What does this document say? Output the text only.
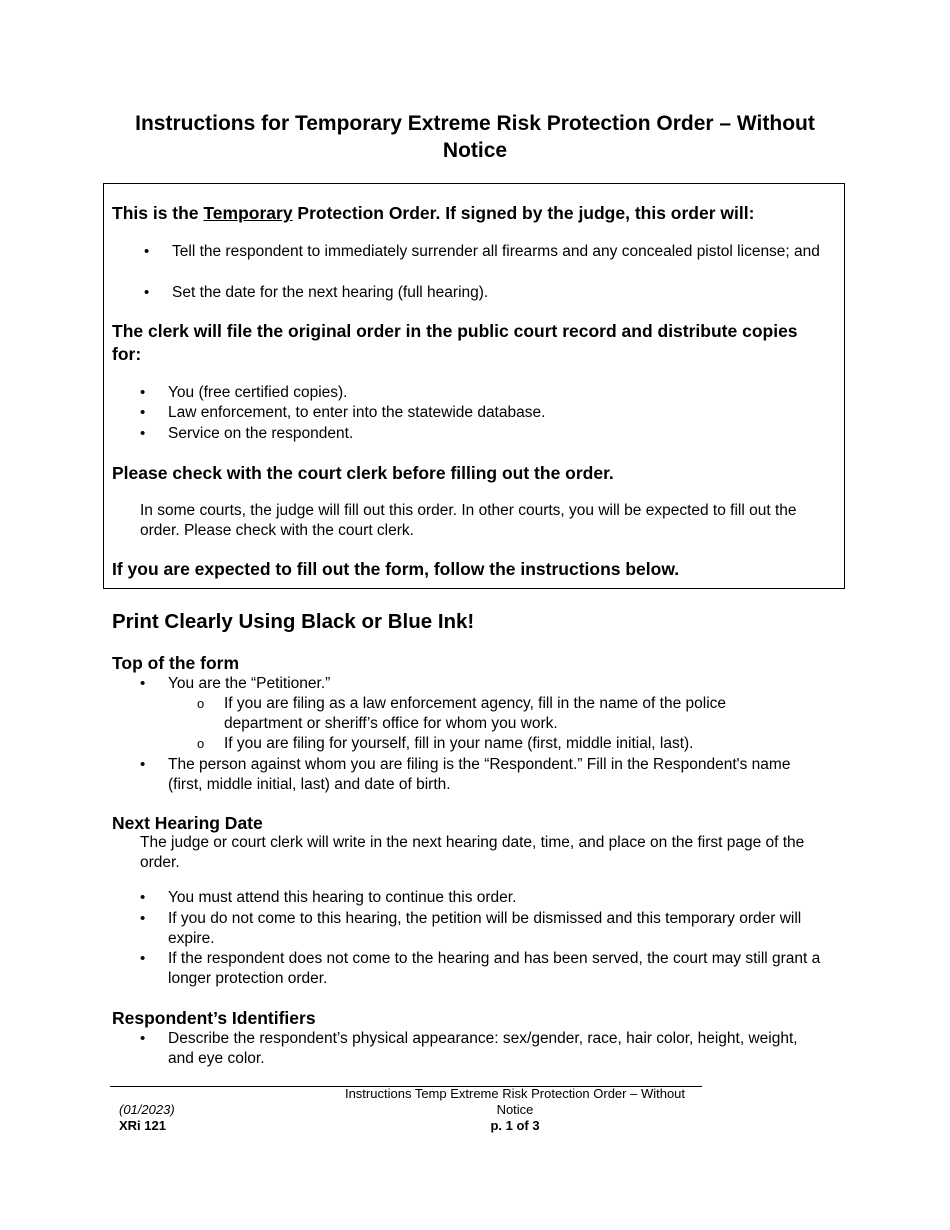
Instructions for Temporary Extreme Risk Protection Order – Without Notice

This is the Temporary Protection Order. If signed by the judge, this order will:

• Tell the respondent to immediately surrender all firearms and any concealed pistol license; and
• Set the date for the next hearing (full hearing).

The clerk will file the original order in the public court record and distribute copies for:

• You (free certified copies).
• Law enforcement, to enter into the statewide database.
• Service on the respondent.

Please check with the court clerk before filling out the order.

In some courts, the judge will fill out this order. In other courts, you will be expected to fill out the order. Please check with the court clerk.

If you are expected to fill out the form, follow the instructions below.

Print Clearly Using Black or Blue Ink!
Top of the form
• You are the “Petitioner.”
o If you are filing as a law enforcement agency, fill in the name of the police department or sheriff’s office for whom you work.
o If you are filing for yourself, fill in your name (first, middle initial, last).
• The person against whom you are filing is the “Respondent.” Fill in the Respondent's name (first, middle initial, last) and date of birth.
Next Hearing Date

The judge or court clerk will write in the next hearing date, time, and place on the first page of the order.

• You must attend this hearing to continue this order.
• If you do not come to this hearing, the petition will be dismissed and this temporary order will expire.
• If the respondent does not come to the hearing and has been served, the court may still grant a longer protection order.
Respondent’s Identifiers
• Describe the respondent’s physical appearance: sex/gender, race, hair color, height, weight, and eye color.
(01/2023)
XRi 121
Instructions Temp Extreme Risk Protection Order – Without Notice
p. 1 of 3
